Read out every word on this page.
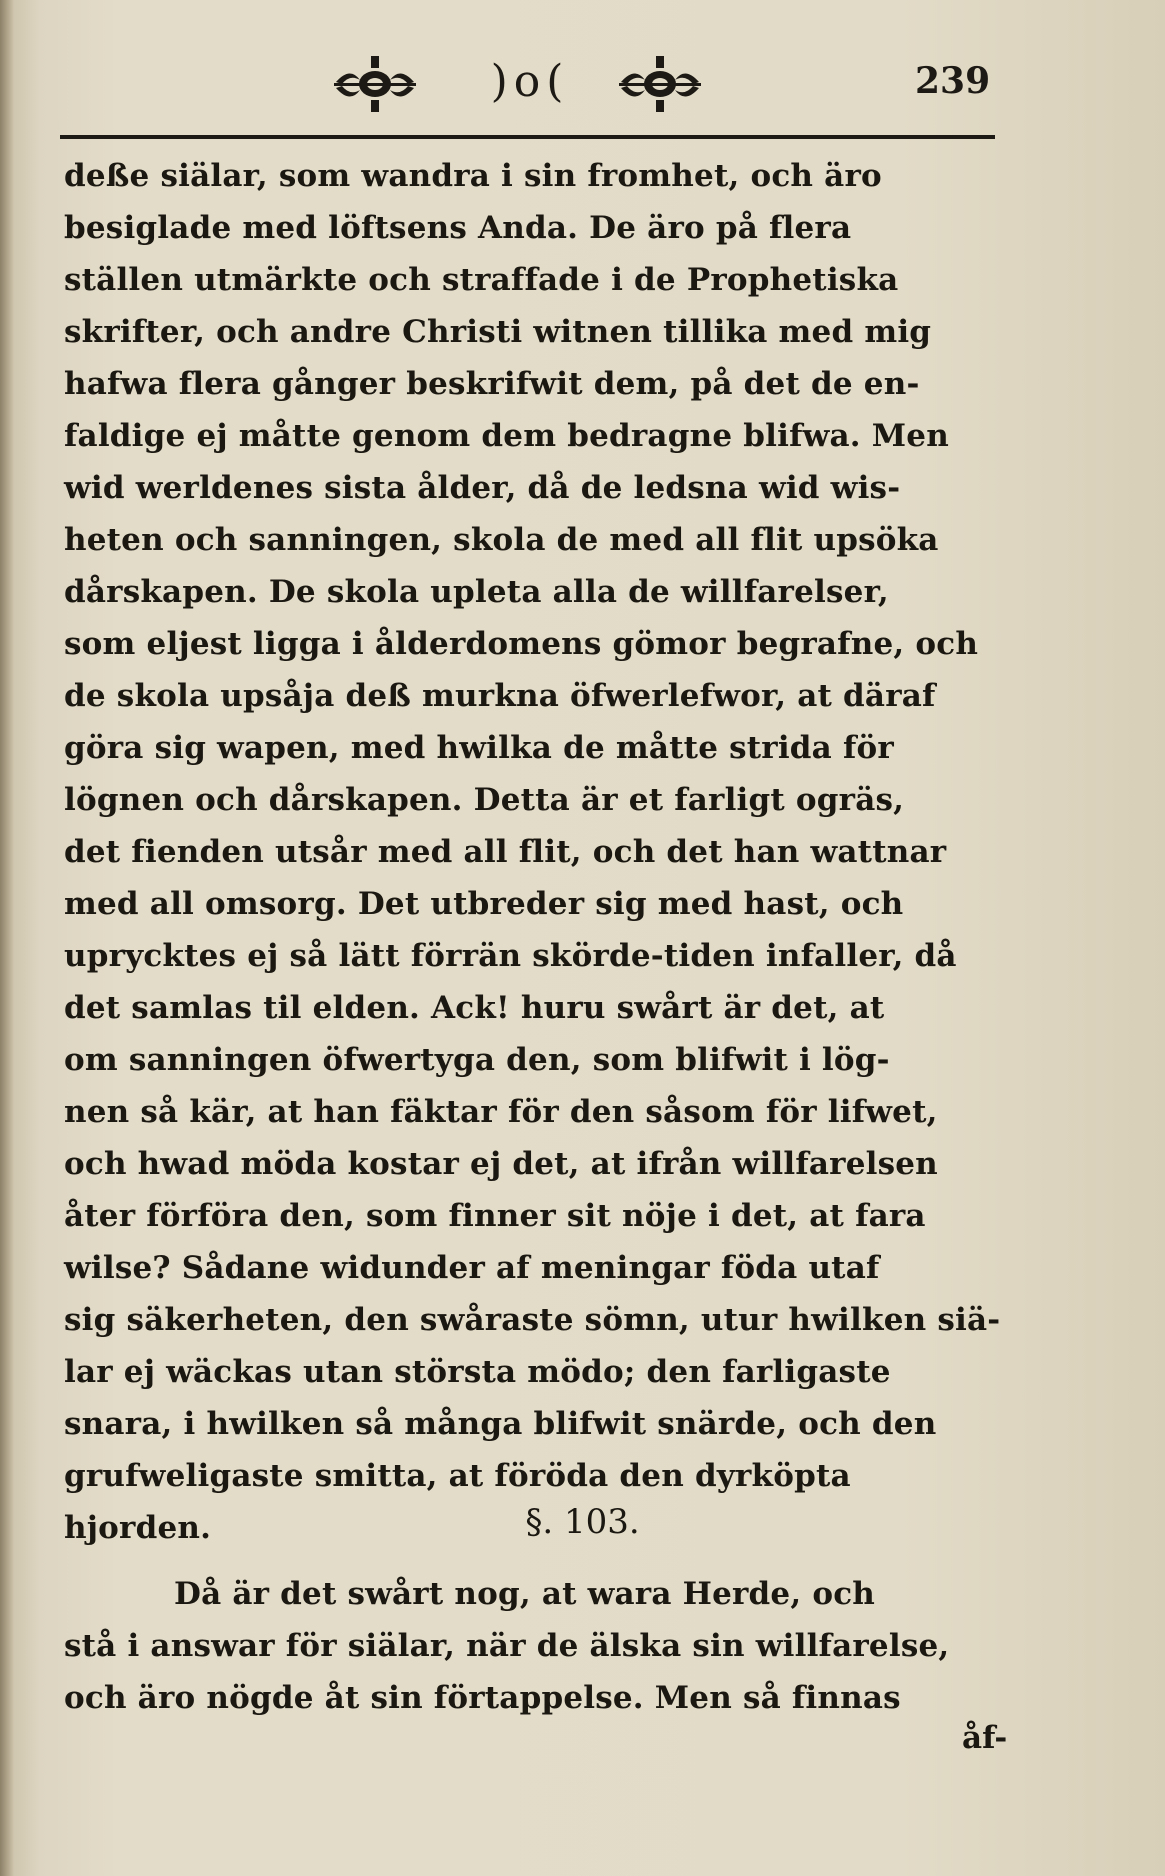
)o(	239
deße siälar, som wandra i sin fromhet, och äro
besiglade med löftsens Anda. De äro på flera
ställen utmärkte och straffade i de Prophetiska
skrifter, och andre Christi witnen tillika med mig
hafwa flera gånger beskrifwit dem, på det de en-
faldige ej måtte genom dem bedragne blifwa. Men
wid werldenes sista ålder, då de ledsna wid wis-
heten och sanningen, skola de med all flit upsöka
dårskapen. De skola upleta alla de willfarelser,
som eljest ligga i ålderdomens gömor begrafne, och
de skola upsåja deß murkna öfwerlefwor, at däraf
göra sig wapen, med hwilka de måtte strida för
lögnen och dårskapen. Detta är et farligt ogräs,
det fienden utsår med all flit, och det han wattnar
med all omsorg. Det utbreder sig med hast, och
uprycktes ej så lätt förrän skörde-tiden infaller, då
det samlas til elden. Ack! huru swårt är det, at
om sanningen öfwertyga den, som blifwit i lög-
nen så kär, at han fäktar för den såsom för lifwet,
och hwad möda kostar ej det, at ifrån willfarelsen
åter förföra den, som finner sit nöje i det, at fara
wilse? Sådane widunder af meningar föda utaf
sig säkerheten, den swåraste sömn, utur hwilken siä-
lar ej wäckas utan största mödo; den farligaste
snara, i hwilken så många blifwit snärde, och den
grufweligaste smitta, at föröda den dyrköpta
hjorden.	§. 103.
Då är det swårt nog, at wara Herde, och
stå i answar för siälar, när de älska sin willfarelse,
och äro nögde åt sin förtappelse. Men så finnas
åf-
